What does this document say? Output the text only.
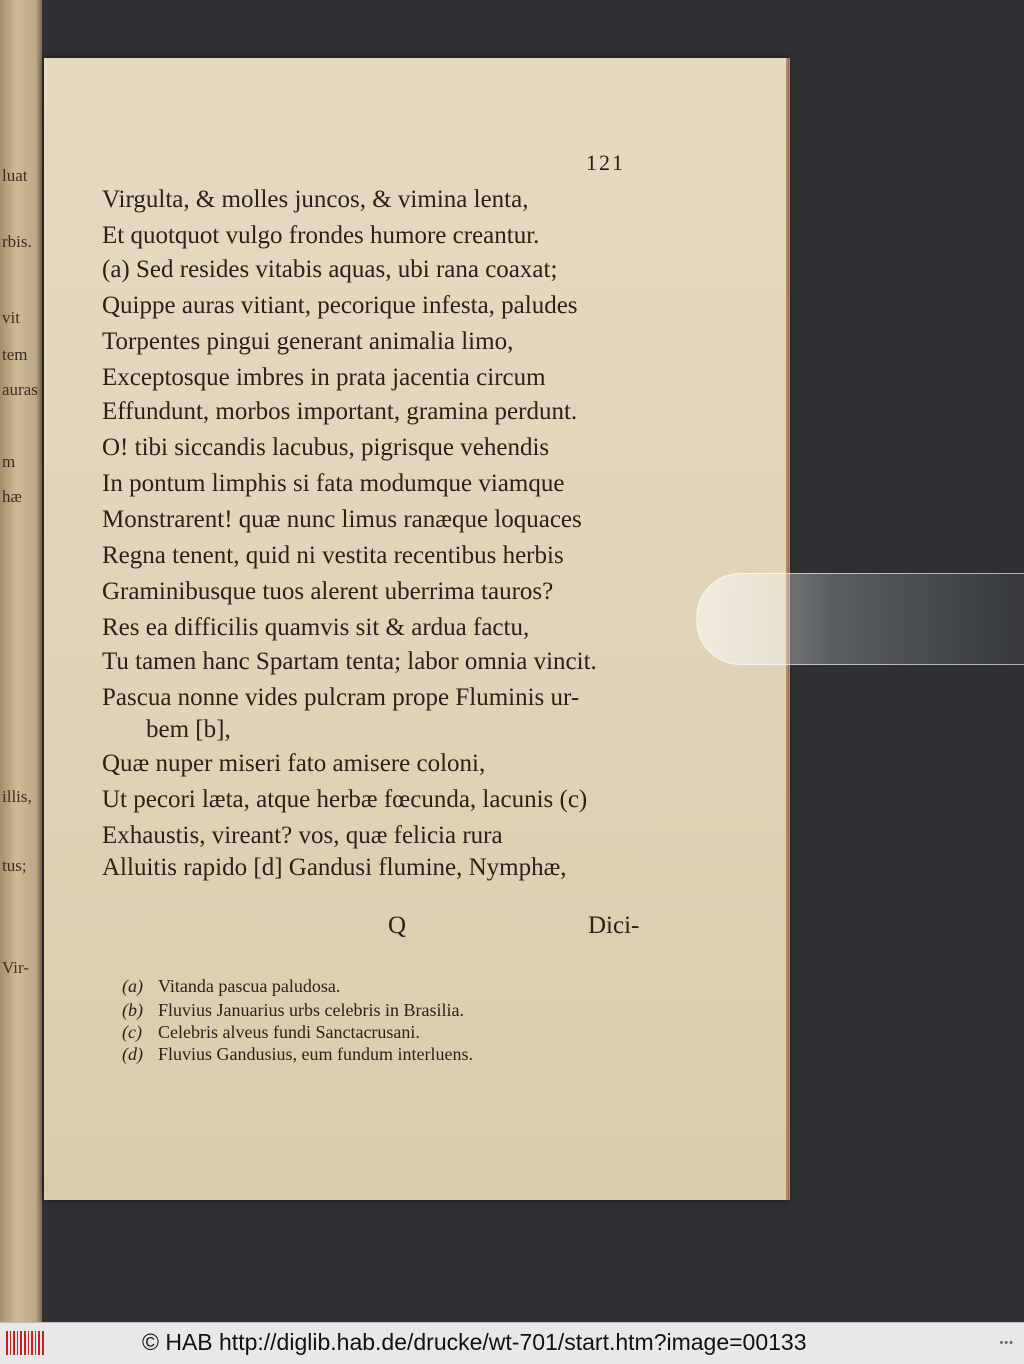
luat
rbis.
vit
tem
auras
m
hæ
illis,
tus;
Vir-
121
Virgulta, & molles juncos, & vimina lenta,
Et quotquot vulgo frondes humore creantur.
(a) Sed resides vitabis aquas, ubi rana coaxat;
Quippe auras vitiant, pecorique infesta, paludes
Torpentes pingui generant animalia limo,
Exceptosque imbres in prata jacentia circum
Effundunt, morbos important, gramina perdunt.
O! tibi siccandis lacubus, pigrisque vehendis
In pontum limphis si fata modumque viamque
Monstrarent! quæ nunc limus ranæque loquaces
Regna tenent, quid ni vestita recentibus herbis
Graminibusque tuos alerent uberrima tauros?
Res ea difficilis quamvis sit & ardua factu,
Tu tamen hanc Spartam tenta; labor omnia vincit.
Pascua nonne vides pulcram prope Fluminis ur-
bem [b],
Quæ nuper miseri fato amisere coloni,
Ut pecori læta, atque herbæ fœcunda, lacunis (c)
Exhaustis, vireant? vos, quæ felicia rura
Alluitis rapido [d] Gandusi flumine, Nymphæ,
Q	Dici-
(a) Vitanda pascua paludosa.
(b) Fluvius Januarius urbs celebris in Brasilia.
(c) Celebris alveus fundi Sanctacrusani.
(d) Fluvius Gandusius, eum fundum interluens.
© HAB http://diglib.hab.de/drucke/wt-701/start.htm?image=00133	•••
